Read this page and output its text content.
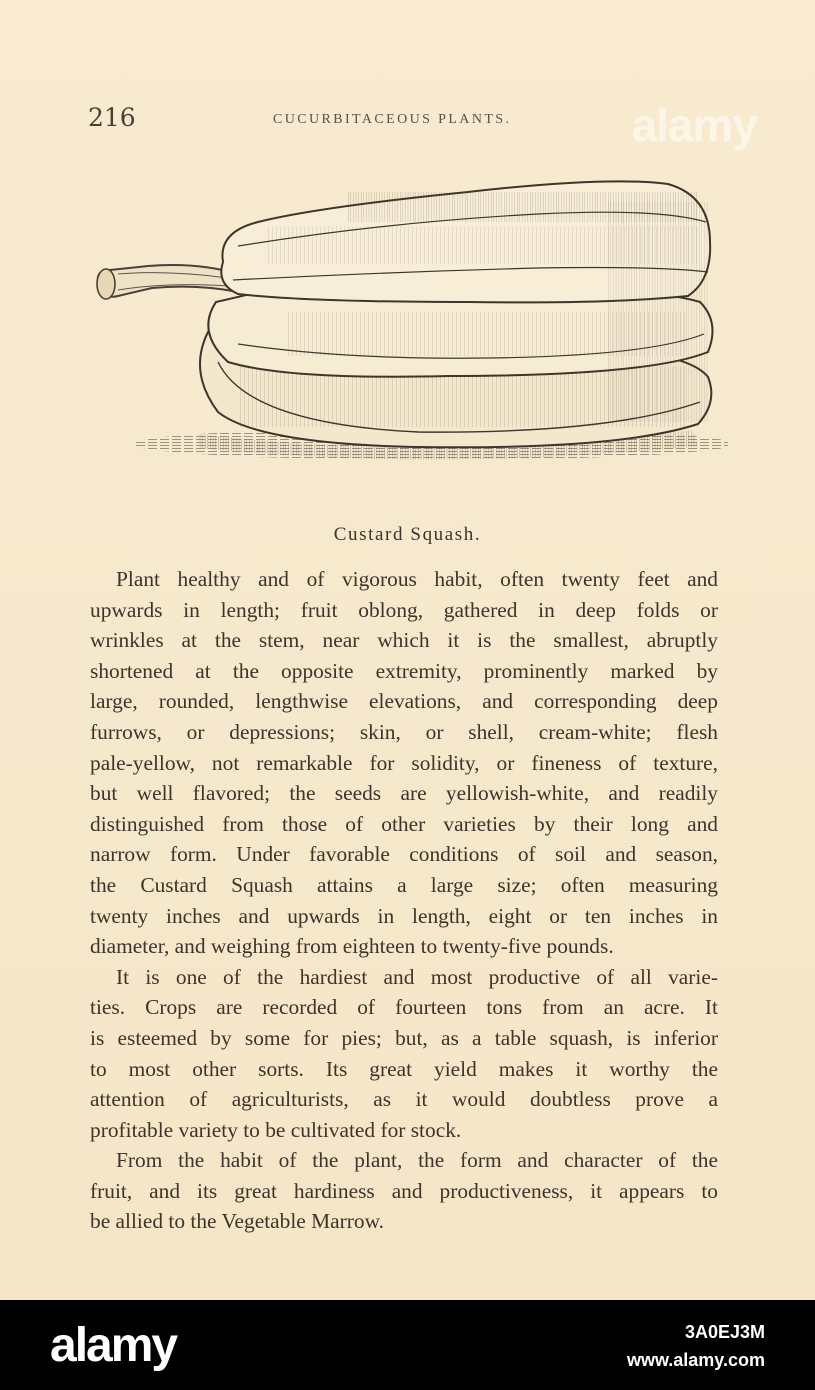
216	CUCURBITACEOUS PLANTS.	alamy
Custard Squash.
Plant healthy and of vigorous habit, often twenty feet and
upwards in length; fruit oblong, gathered in deep folds or
wrinkles at the stem, near which it is the smallest, abruptly
shortened at the opposite extremity, prominently marked by
large, rounded, lengthwise elevations, and corresponding deep
furrows, or depressions; skin, or shell, cream-white; flesh
pale-yellow, not remarkable for solidity, or fineness of texture,
but well flavored; the seeds are yellowish-white, and readily
distinguished from those of other varieties by their long and
narrow form. Under favorable conditions of soil and season,
the Custard Squash attains a large size; often measuring
twenty inches and upwards in length, eight or ten inches in
diameter, and weighing from eighteen to twenty-five pounds.
It is one of the hardiest and most productive of all varie-
ties. Crops are recorded of fourteen tons from an acre. It
is esteemed by some for pies; but, as a table squash, is inferior
to most other sorts. Its great yield makes it worthy the
attention of agriculturists, as it would doubtless prove a
profitable variety to be cultivated for stock.
From the habit of the plant, the form and character of the
fruit, and its great hardiness and productiveness, it appears to
be allied to the Vegetable Marrow.
alamy	3A0EJ3M
www.alamy.com
